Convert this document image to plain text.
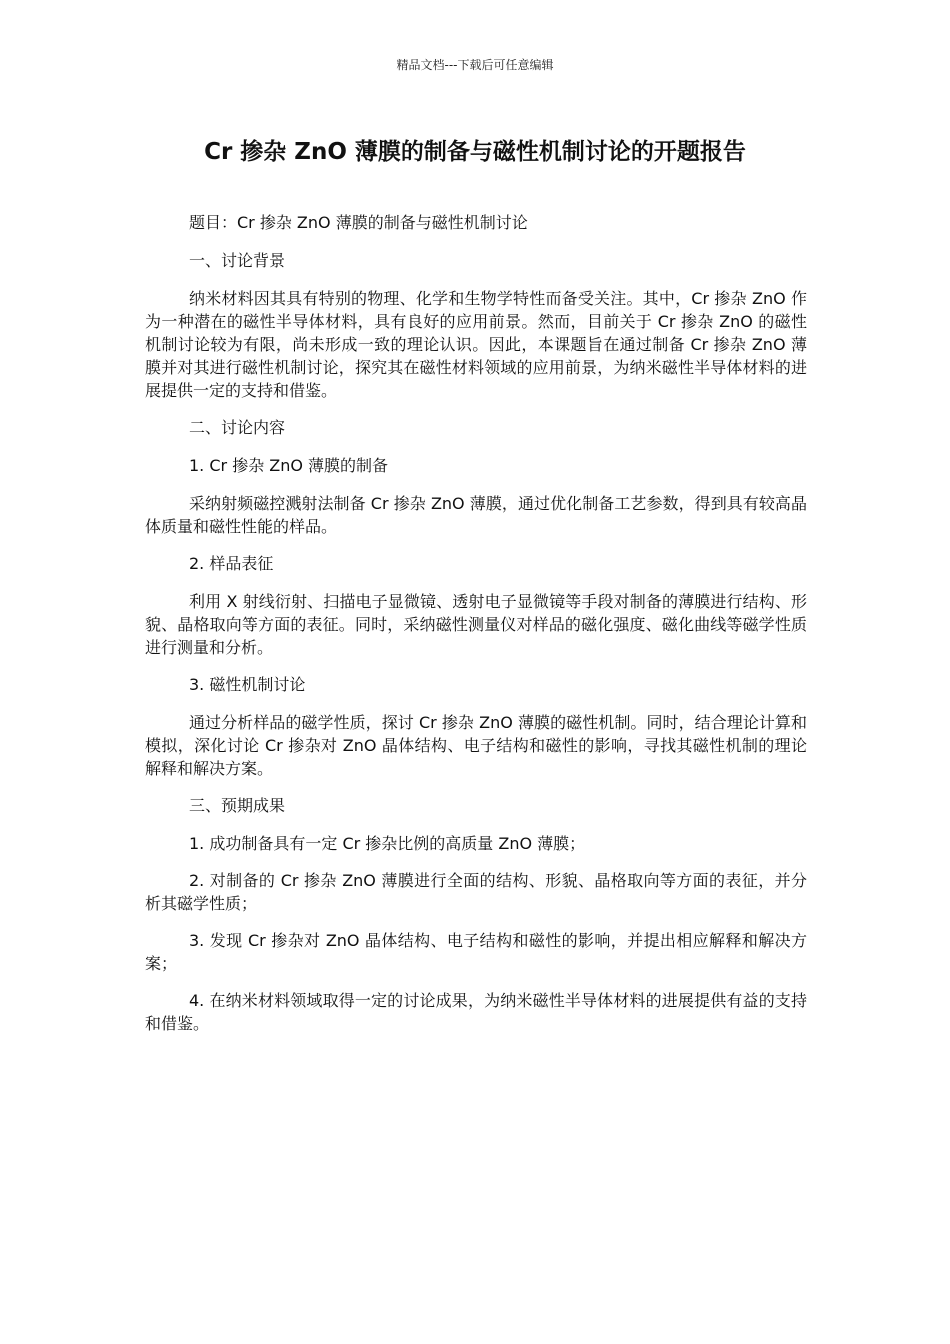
精品文档---下载后可任意编辑
Cr 掺杂 ZnO 薄膜的制备与磁性机制讨论的开题报告

题目：Cr 掺杂 ZnO 薄膜的制备与磁性机制讨论

一、讨论背景

纳米材料因其具有特别的物理、化学和生物学特性而备受关注。其中，Cr 掺杂 ZnO 作为一种潜在的磁性半导体材料，具有良好的应用前景。然而，目前关于 Cr 掺杂 ZnO 的磁性机制讨论较为有限，尚未形成一致的理论认识。因此，本课题旨在通过制备 Cr 掺杂 ZnO 薄膜并对其进行磁性机制讨论，探究其在磁性材料领域的应用前景，为纳米磁性半导体材料的进展提供一定的支持和借鉴。

二、讨论内容

1. Cr 掺杂 ZnO 薄膜的制备

采纳射频磁控溅射法制备 Cr 掺杂 ZnO 薄膜，通过优化制备工艺参数，得到具有较高晶体质量和磁性性能的样品。

2. 样品表征

利用 X 射线衍射、扫描电子显微镜、透射电子显微镜等手段对制备的薄膜进行结构、形貌、晶格取向等方面的表征。同时，采纳磁性测量仪对样品的磁化强度、磁化曲线等磁学性质进行测量和分析。

3. 磁性机制讨论

通过分析样品的磁学性质，探讨 Cr 掺杂 ZnO 薄膜的磁性机制。同时，结合理论计算和模拟，深化讨论 Cr 掺杂对 ZnO 晶体结构、电子结构和磁性的影响，寻找其磁性机制的理论解释和解决方案。

三、预期成果

1. 成功制备具有一定 Cr 掺杂比例的高质量 ZnO 薄膜；

2. 对制备的 Cr 掺杂 ZnO 薄膜进行全面的结构、形貌、晶格取向等方面的表征，并分析其磁学性质；

3. 发现 Cr 掺杂对 ZnO 晶体结构、电子结构和磁性的影响，并提出相应解释和解决方案；

4. 在纳米材料领域取得一定的讨论成果，为纳米磁性半导体材料的进展提供有益的支持和借鉴。
